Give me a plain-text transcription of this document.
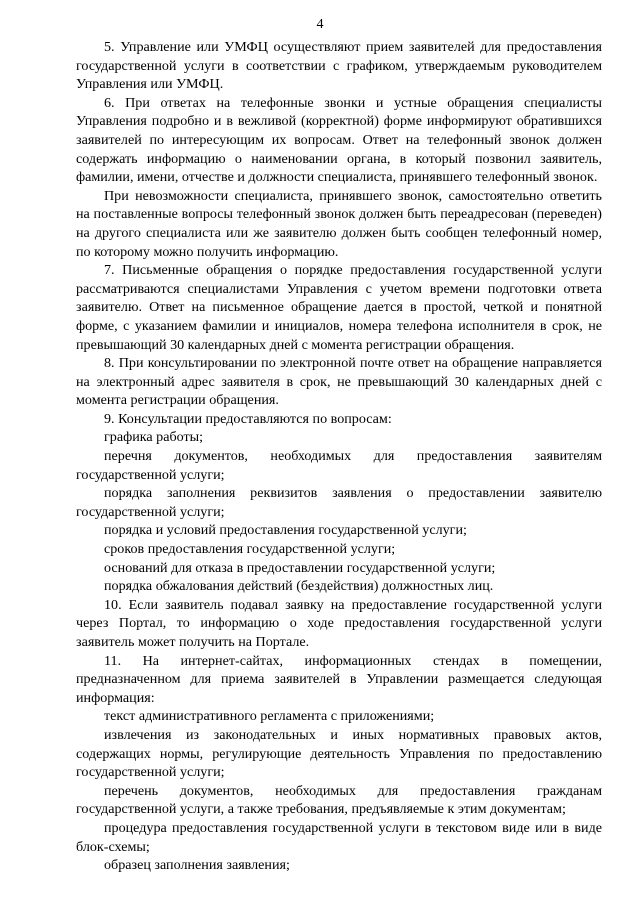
4

5. Управление или УМФЦ осуществляют прием заявителей для предоставления государственной услуги в соответствии с графиком, утверждаемым руководителем Управления или УМФЦ.

6. При ответах на телефонные звонки и устные обращения специалисты Управления подробно и в вежливой (корректной) форме информируют обратившихся заявителей по интересующим их вопросам. Ответ на телефонный звонок должен содержать информацию о наименовании органа, в который позвонил заявитель, фамилии, имени, отчестве и должности специалиста, принявшего телефонный звонок.

При невозможности специалиста, принявшего звонок, самостоятельно ответить на поставленные вопросы телефонный звонок должен быть переадресован (переведен) на другого специалиста или же заявителю должен быть сообщен телефонный номер, по которому можно получить информацию.

7. Письменные обращения о порядке предоставления государственной услуги рассматриваются специалистами Управления с учетом времени подготовки ответа заявителю. Ответ на письменное обращение дается в простой, четкой и понятной форме, с указанием фамилии и инициалов, номера телефона исполнителя в срок, не превышающий 30 календарных дней с момента регистрации обращения.

8. При консультировании по электронной почте ответ на обращение направляется на электронный адрес заявителя в срок, не превышающий 30 календарных дней с момента регистрации обращения.

9. Консультации предоставляются по вопросам:

графика работы;

перечня документов, необходимых для предоставления заявителям государственной услуги;

порядка заполнения реквизитов заявления о предоставлении заявителю государственной услуги;

порядка и условий предоставления государственной услуги;

сроков предоставления государственной услуги;

оснований для отказа в предоставлении государственной услуги;

порядка обжалования действий (бездействия) должностных лиц.

10. Если заявитель подавал заявку на предоставление государственной услуги через Портал, то информацию о ходе предоставления государственной услуги заявитель может получить на Портале.

11. На интернет-сайтах, информационных стендах в помещении, предназначенном для приема заявителей в Управлении размещается следующая информация:

текст административного регламента с приложениями;

извлечения из законодательных и иных нормативных правовых актов, содержащих нормы, регулирующие деятельность Управления по предоставлению государственной услуги;

перечень документов, необходимых для предоставления гражданам государственной услуги, а также требования, предъявляемые к этим документам;

процедура предоставления государственной услуги в текстовом виде или в виде блок-схемы;

образец заполнения заявления;
